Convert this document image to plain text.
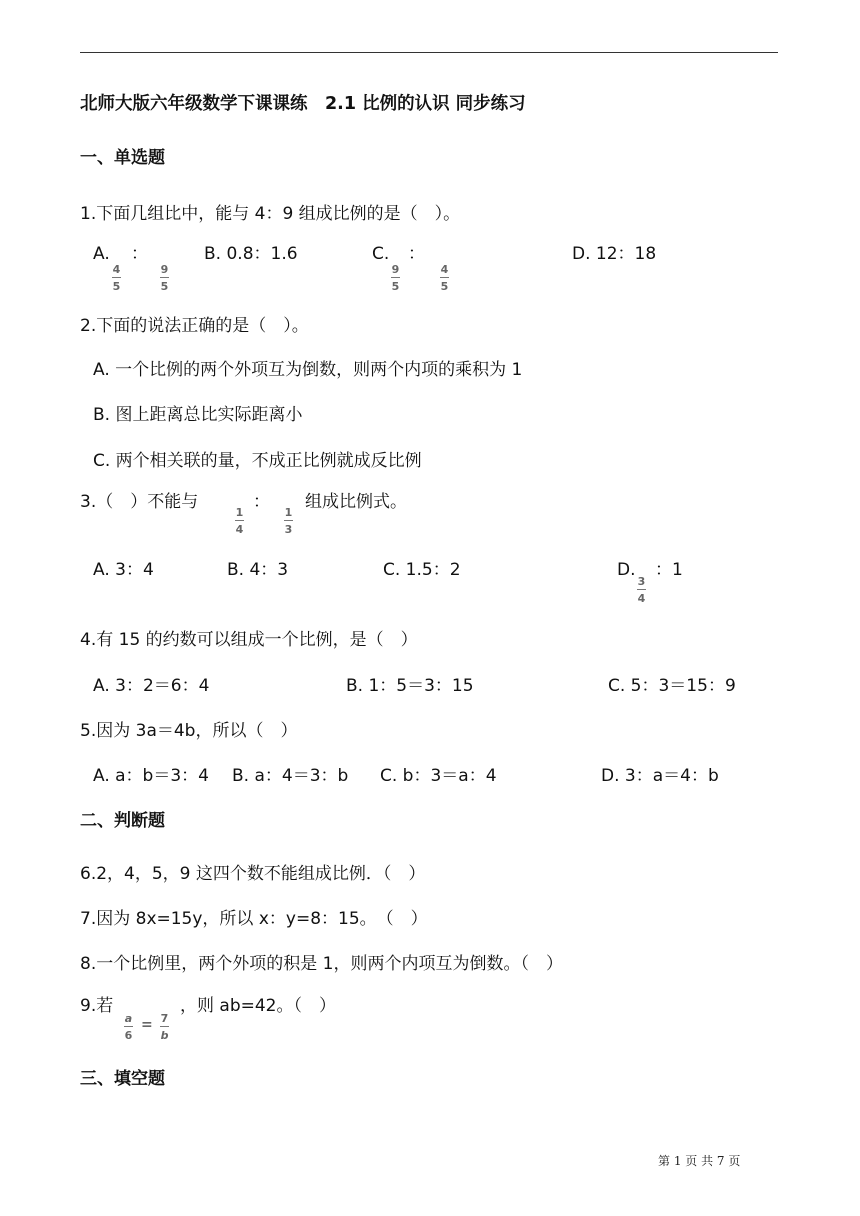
北师大版六年级数学下课课练　2.1 比例的认识 同步练习
一、单选题
1.下面几组比中，能与 4：9 组成比例的是（　）。
A.
4
5
：
9
5
B. 0.8：1.6	C.
9
5
：
4
5
D. 12：18
2.下面的说法正确的是（　）。
A. 一个比例的两个外项互为倒数，则两个内项的乘积为 1
B. 图上距离总比实际距离小
C. 两个相关联的量，不成正比例就成反比例
3.（　）不能与
1
4
：
1
3
组成比例式。
A. 3：4	B. 4：3	C. 1.5：2	D.
3
4
：1
4.有 15 的约数可以组成一个比例，是（　）
A. 3：2＝6：4	B. 1：5＝3：15	C. 5：3＝15：9
5.因为 3a＝4b，所以（　）
A. a：b＝3：4 B. a：4＝3：b C. b：3＝a：4	D. 3：a＝4：b
二、判断题
6.2，4，5，9 这四个数不能组成比例．（　）
7.因为 8x=15y，所以 x：y=8：15。　（　）
8.一个比例里，两个外项的积是 1，则两个内项互为倒数。（　）
9.若
a
6
= 7
b
，则 ab=42。（　）
三、填空题
第 1 页 共 7 页
